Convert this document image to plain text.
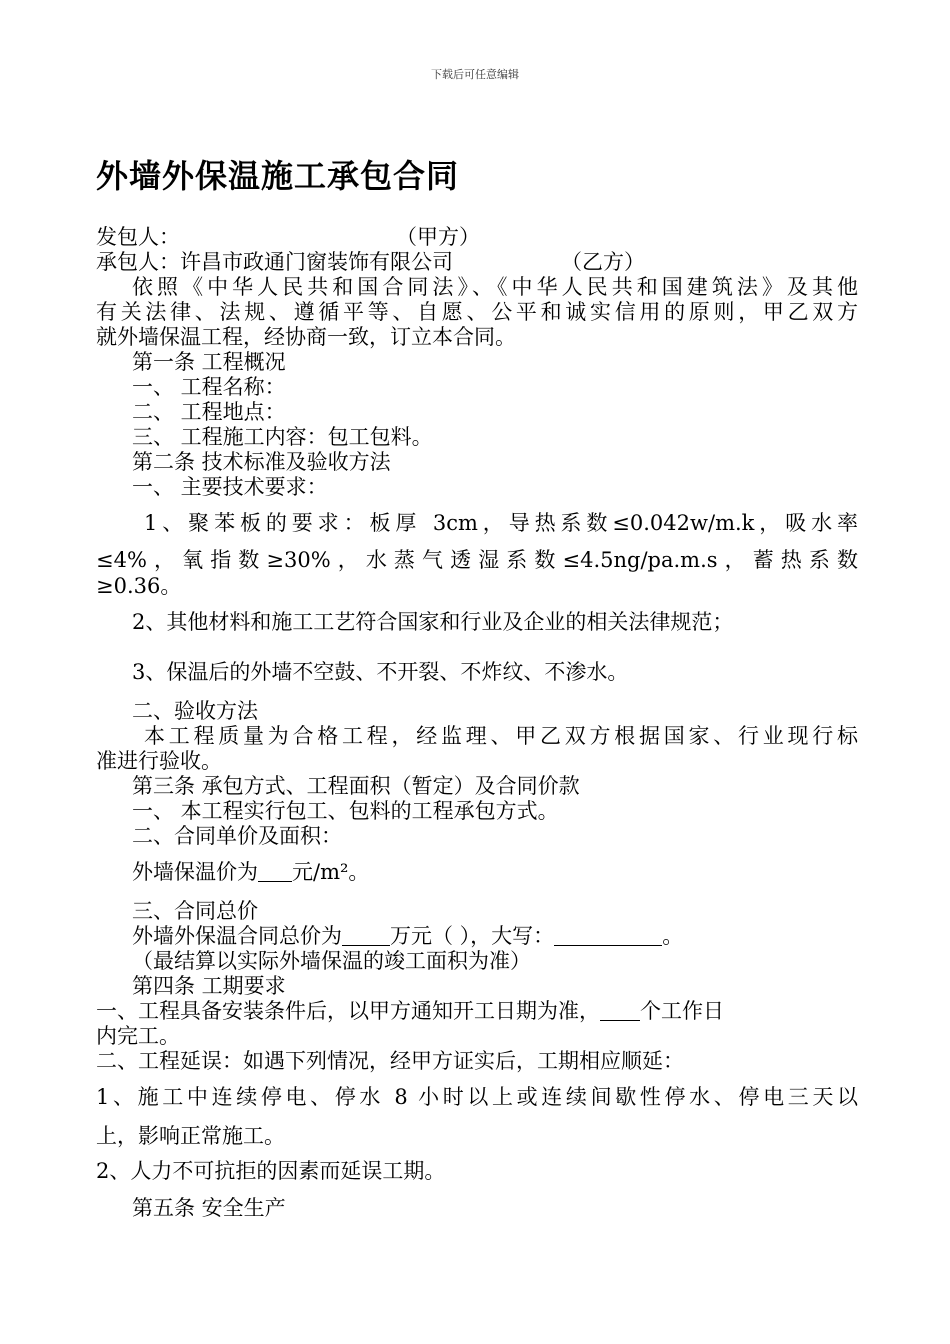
下载后可任意编辑
外墙外保温施工承包合同
发包人：	（甲方）
承包人：许昌市政通门窗装饰有限公司	（乙方）
依照《中华人民共和国合同法》、《中华人民共和国建筑法》及其他
有关法律、法规、遵循平等、自愿、公平和诚实信用的原则，甲乙双方
就外墙保温工程，经协商一致，订立本合同。
第一条 工程概况
一、 工程名称：
二、 工程地点：
三、 工程施工内容：包工包料。
第二条 技术标准及验收方法
一、 主要技术要求：
1、聚苯板的要求：板厚 3cm，导热系数≤0.042w/m.k，吸水率
≤4%，氧指数≥30%，水蒸气透湿系数≤4.5ng/pa.m.s，蓄热系数
≥0.36。
2、其他材料和施工工艺符合国家和行业及企业的相关法律规范；
3、保温后的外墙不空鼓、不开裂、不炸纹、不渗水。
二、验收方法
本工程质量为合格工程，经监理、甲乙双方根据国家、行业现行标
准进行验收。
第三条 承包方式、工程面积（暂定）及合同价款
一、 本工程实行包工、包料的工程承包方式。
二、合同单价及面积：
外墙保温价为 元/m²。
三、合同总价
外墙外保温合同总价为 万元（ ），大写：	。
（最结算以实际外墙保温的竣工面积为准）
第四条 工期要求
一、工程具备安装条件后，以甲方通知开工日期为准， 个工作日
内完工。
二、工程延误：如遇下列情况，经甲方证实后，工期相应顺延：
1、施工中连续停电、停水 8 小时以上或连续间歇性停水、停电三天以
上，影响正常施工。
2、人力不可抗拒的因素而延误工期。
第五条 安全生产
